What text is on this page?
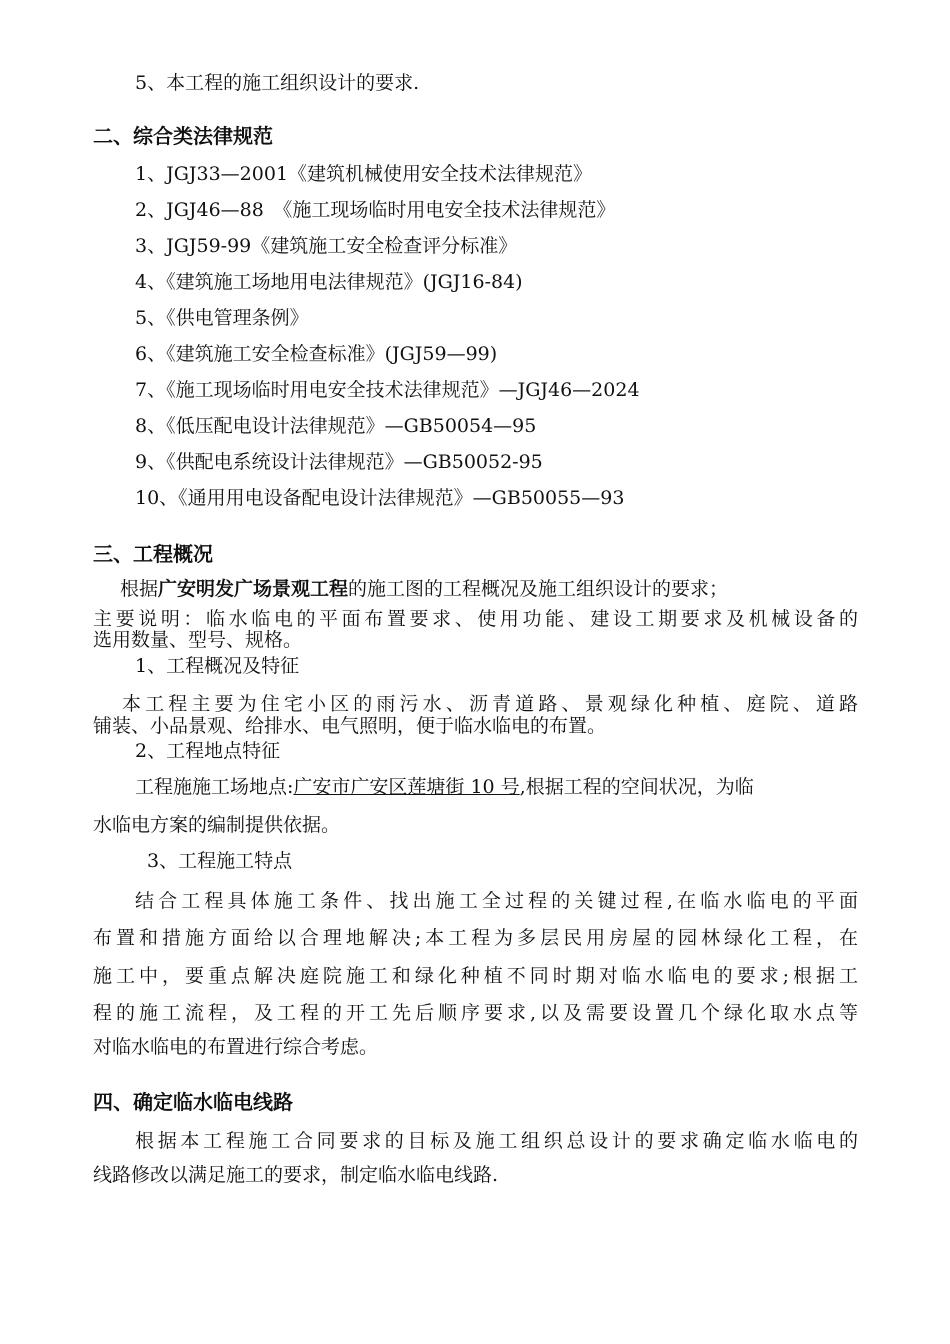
5、本工程的施工组织设计的要求.
二、综合类法律规范
1、JGJ33—2001《建筑机械使用安全技术法律规范》
2、JGJ46—88　《施工现场临时用电安全技术法律规范》
3、JGJ59-99《建筑施工安全检查评分标准》
4、《建筑施工场地用电法律规范》(JGJ16-84)
5、《供电管理条例》
6、《建筑施工安全检查标准》(JGJ59—99)
7、《施工现场临时用电安全技术法律规范》—JGJ46—2024
8、《低压配电设计法律规范》—GB50054—95
9、《供配电系统设计法律规范》—GB50052-95
10、《通用用电设备配电设计法律规范》—GB50055—93
三、工程概况
根据广安明发广场景观工程的施工图的工程概况及施工组织设计的要求；
主要说明：临水临电的平面布置要求、使用功能、建设工期要求及机械设备的
选用数量、型号、规格。
1、工程概况及特征
本工程主要为住宅小区的雨污水、沥青道路、景观绿化种植、庭院、道路
铺装、小品景观、给排水、电气照明，便于临水临电的布置。
2、工程地点特征
工程施施工场地点:广安市广安区莲塘街 10 号,根据工程的空间状况，为临
水临电方案的编制提供依据。
3、工程施工特点
结合工程具体施工条件、找出施工全过程的关键过程,在临水临电的平面
布置和措施方面给以合理地解决;本工程为多层民用房屋的园林绿化工程，在
施工中，要重点解决庭院施工和绿化种植不同时期对临水临电的要求;根据工
程的施工流程，及工程的开工先后顺序要求,以及需要设置几个绿化取水点等
对临水临电的布置进行综合考虑。
四、确定临水临电线路
根据本工程施工合同要求的目标及施工组织总设计的要求确定临水临电的
线路修改以满足施工的要求，制定临水临电线路.
